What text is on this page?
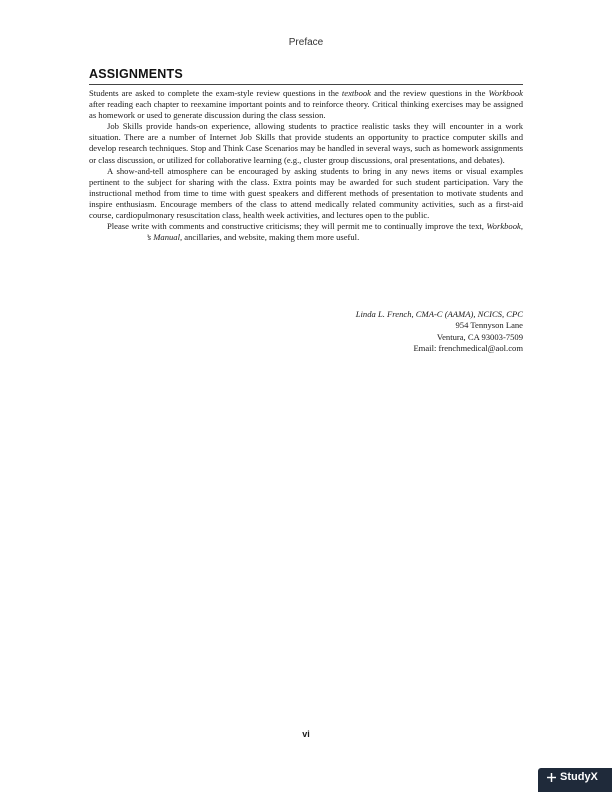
Preface
ASSIGNMENTS

Students are asked to complete the exam-style review questions in the textbook and the review questions in the Workbook after reading each chapter to reexamine important points and to reinforce theory. Critical thinking exercises may be assigned as homework or used to generate discussion during the class session.

Job Skills provide hands-on experience, allowing students to practice realistic tasks they will encounter in a work situation. There are a number of Internet Job Skills that provide students an opportunity to practice computer skills and develop research techniques. Stop and Think Case Scenarios may be handled in several ways, such as homework assignments or class discussion, or utilized for collaborative learning (e.g., cluster group discussions, oral presentations, and debates).

A show-and-tell atmosphere can be encouraged by asking students to bring in any news items or visual examples pertinent to the subject for sharing with the class. Extra points may be awarded for such student participation. Vary the instructional method from time to time with guest speakers and different methods of presentation to motivate students and inspire enthusiasm. Encourage members of the class to attend medically related community activities, such as a first-aid course, cardiopulmonary resuscitation class, health week activities, and lectures open to the public.

Please write with comments and constructive criticisms; they will permit me to continually improve the text, Workbook,’s Manual, ancillaries, and website, making them more useful.

Linda L. French, CMA-C (AAMA), NCICS, CPC
954 Tennyson Lane
Ventura, CA 93003-7509
Email: frenchmedical@aol.com
vi
StudyX
